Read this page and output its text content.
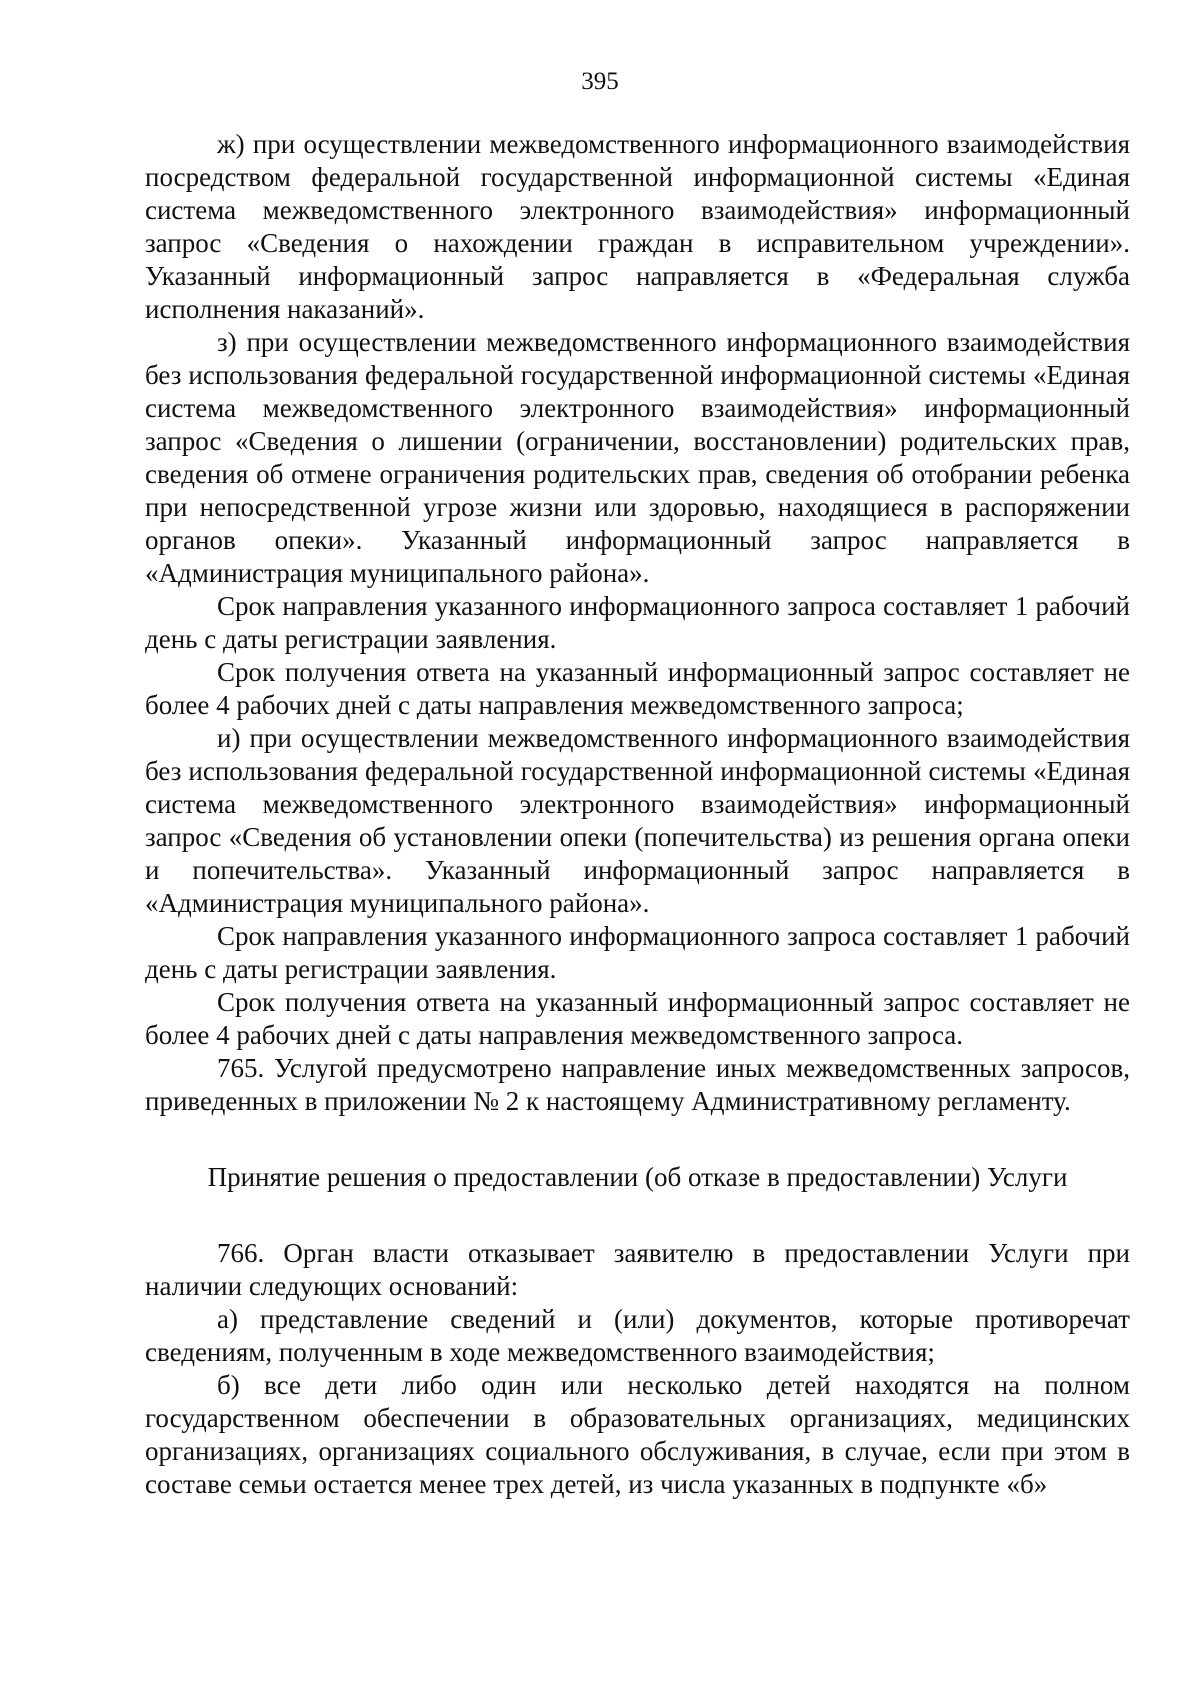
395

ж) при осуществлении межведомственного информационного взаимодействия посредством федеральной государственной информационной системы «Единая система межведомственного электронного взаимодействия» информационный запрос «Сведения о нахождении граждан в исправительном учреждении». Указанный информационный запрос направляется в «Федеральная служба исполнения наказаний».

з) при осуществлении межведомственного информационного взаимодействия без использования федеральной государственной информационной системы «Единая система межведомственного электронного взаимодействия» информационный запрос «Сведения о лишении (ограничении, восстановлении) родительских прав, сведения об отмене ограничения родительских прав, сведения об отобрании ребенка при непосредственной угрозе жизни или здоровью, находящиеся в распоряжении органов опеки». Указанный информационный запрос направляется в «Администрация муниципального района».

Срок направления указанного информационного запроса составляет 1 рабочий день с даты регистрации заявления.

Срок получения ответа на указанный информационный запрос составляет не более 4 рабочих дней с даты направления межведомственного запроса;

и) при осуществлении межведомственного информационного взаимодействия без использования федеральной государственной информационной системы «Единая система межведомственного электронного взаимодействия» информационный запрос «Сведения об установлении опеки (попечительства) из решения органа опеки и попечительства». Указанный информационный запрос направляется в «Администрация муниципального района».

Срок направления указанного информационного запроса составляет 1 рабочий день с даты регистрации заявления.

Срок получения ответа на указанный информационный запрос составляет не более 4 рабочих дней с даты направления межведомственного запроса.

765. Услугой предусмотрено направление иных межведомственных запросов, приведенных в приложении № 2 к настоящему Административному регламенту.

Принятие решения о предоставлении (об отказе в предоставлении) Услуги

766. Орган власти отказывает заявителю в предоставлении Услуги при наличии следующих оснований:

а) представление сведений и (или) документов, которые противоречат сведениям, полученным в ходе межведомственного взаимодействия;

б) все дети либо один или несколько детей находятся на полном государственном обеспечении в образовательных организациях, медицинских организациях, организациях социального обслуживания, в случае, если при этом в составе семьи остается менее трех детей, из числа указанных в подпункте «б»
